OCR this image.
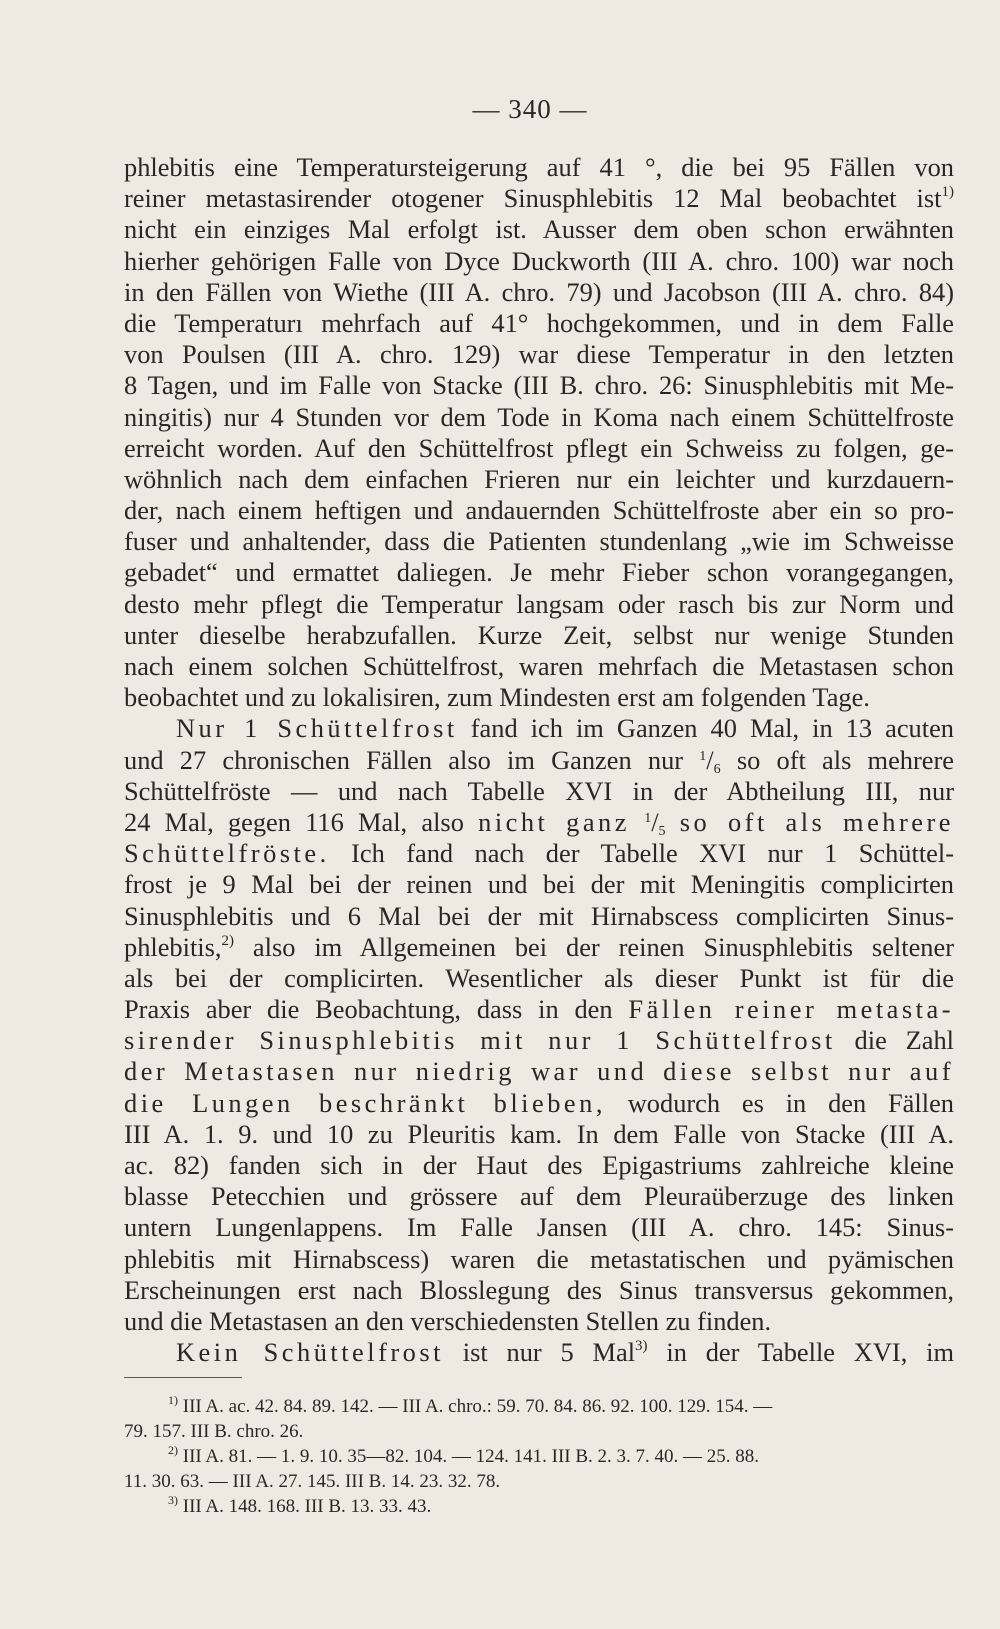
— 340 —
phlebitis eine Temperatursteigerung auf 41 °, die bei 95 Fällen von
reiner metastasirender otogener Sinusphlebitis 12 Mal beobachtet ist$^{1)}$
nicht ein einziges Mal erfolgt ist. Ausser dem oben schon erwähnten
hierher gehörigen Falle von Dyce Duckworth (III A. chro. 100) war noch
in den Fällen von Wiethe (III A. chro. 79) und Jacobson (III A. chro. 84)
die Temperaturı mehrfach auf 41° hochgekommen, und in dem Falle
von Poulsen (III A. chro. 129) war diese Temperatur in den letzten
8 Tagen, und im Falle von Stacke (III B. chro. 26: Sinusphlebitis mit Me-
ningitis) nur 4 Stunden vor dem Tode in Koma nach einem Schüttelfroste
erreicht worden. Auf den Schüttelfrost pflegt ein Schweiss zu folgen, ge-
wöhnlich nach dem einfachen Frieren nur ein leichter und kurzdauern-
der, nach einem heftigen und andauernden Schüttelfroste aber ein so pro-
fuser und anhaltender, dass die Patienten stundenlang „wie im Schweisse
gebadet“ und ermattet daliegen. Je mehr Fieber schon vorangegangen,
desto mehr pflegt die Temperatur langsam oder rasch bis zur Norm und
unter dieselbe herabzufallen. Kurze Zeit, selbst nur wenige Stunden
nach einem solchen Schüttelfrost, waren mehrfach die Metastasen schon
beobachtet und zu lokalisiren, zum Mindesten erst am folgenden Tage.
Nur 1 Schüttelfrost fand ich im Ganzen 40 Mal, in 13 acuten
und 27 chronischen Fällen also im Ganzen nur $^1/_6$ so oft als mehrere
Schüttelfröste — und nach Tabelle XVI in der Abtheilung III, nur
24 Mal, gegen 116 Mal, also nicht ganz $^1/_5$ so oft als mehrere
Schüttelfröste. Ich fand nach der Tabelle XVI nur 1 Schüttel-
frost je 9 Mal bei der reinen und bei der mit Meningitis complicirten
Sinusphlebitis und 6 Mal bei der mit Hirnabscess complicirten Sinus-
phlebitis,$^{2)}$ also im Allgemeinen bei der reinen Sinusphlebitis seltener
als bei der complicirten. Wesentlicher als dieser Punkt ist für die
Praxis aber die Beobachtung, dass in den Fällen reiner metasta-
sirender Sinusphlebitis mit nur 1 Schüttelfrost die Zahl
der Metastasen nur niedrig war und diese selbst nur auf
die Lungen beschränkt blieben, wodurch es in den Fällen
III A. 1. 9. und 10 zu Pleuritis kam. In dem Falle von Stacke (III A.
ac. 82) fanden sich in der Haut des Epigastriums zahlreiche kleine
blasse Petecchien und grössere auf dem Pleuraüberzuge des linken
untern Lungenlappens. Im Falle Jansen (III A. chro. 145: Sinus-
phlebitis mit Hirnabscess) waren die metastatischen und pyämischen
Erscheinungen erst nach Blosslegung des Sinus transversus gekommen,
und die Metastasen an den verschiedensten Stellen zu finden.
Kein Schüttelfrost ist nur 5 Mal$^{3)}$ in der Tabelle XVI, im
$^{1)}$ III A. ac. 42. 84. 89. 142. — III A. chro.: 59. 70. 84. 86. 92. 100. 129. 154. —
79. 157. III B. chro. 26.
$^{2)}$ III A. 81. — 1. 9. 10. 35—82. 104. — 124. 141. III B. 2. 3. 7. 40. — 25. 88.
11. 30. 63. — III A. 27. 145. III B. 14. 23. 32. 78.
$^{3)}$ III A. 148. 168. III B. 13. 33. 43.
